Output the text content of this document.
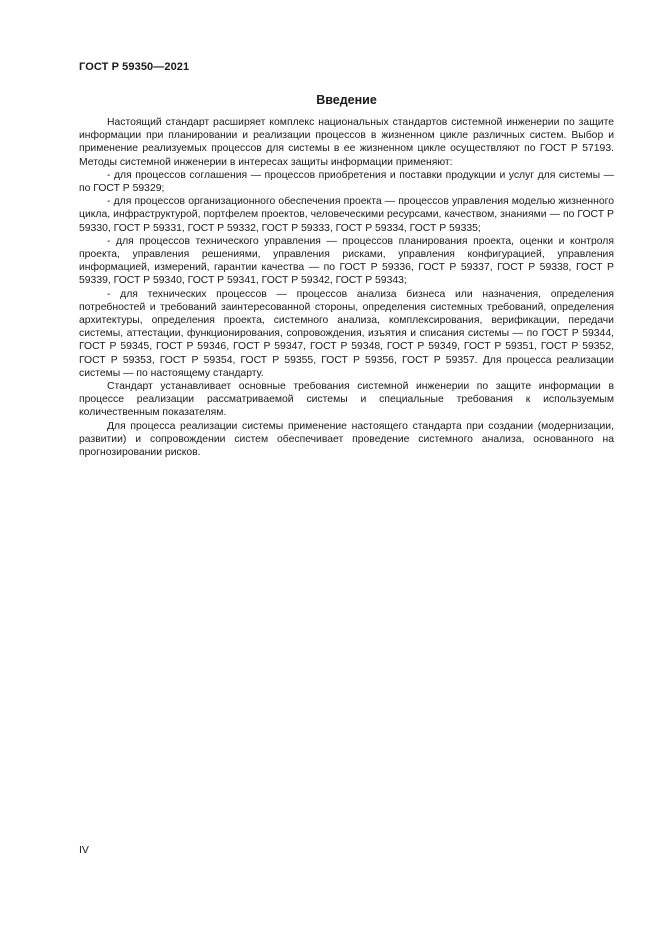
ГОСТ Р 59350—2021
Введение

Настоящий стандарт расширяет комплекс национальных стандартов системной инженерии по защите информации при планировании и реализации процессов в жизненном цикле различных систем. Выбор и применение реализуемых процессов для системы в ее жизненном цикле осуществляют по ГОСТ Р 57193. Методы системной инженерии в интересах защиты информации применяют:

- для процессов соглашения — процессов приобретения и поставки продукции и услуг для системы — по ГОСТ Р 59329;

- для процессов организационного обеспечения проекта — процессов управления моделью жизненного цикла, инфраструктурой, портфелем проектов, человеческими ресурсами, качеством, знаниями — по ГОСТ Р 59330, ГОСТ Р 59331, ГОСТ Р 59332, ГОСТ Р 59333, ГОСТ Р 59334, ГОСТ Р 59335;

- для процессов технического управления — процессов планирования проекта, оценки и контроля проекта, управления решениями, управления рисками, управления конфигурацией, управления информацией, измерений, гарантии качества — по ГОСТ Р 59336, ГОСТ Р 59337, ГОСТ Р 59338, ГОСТ Р 59339, ГОСТ Р 59340, ГОСТ Р 59341, ГОСТ Р 59342, ГОСТ Р 59343;

- для технических процессов — процессов анализа бизнеса или назначения, определения потребностей и требований заинтересованной стороны, определения системных требований, определения архитектуры, определения проекта, системного анализа, комплексирования, верификации, передачи системы, аттестации, функционирования, сопровождения, изъятия и списания системы — по ГОСТ Р 59344, ГОСТ Р 59345, ГОСТ Р 59346, ГОСТ Р 59347, ГОСТ Р 59348, ГОСТ Р 59349, ГОСТ Р 59351, ГОСТ Р 59352, ГОСТ Р 59353, ГОСТ Р 59354, ГОСТ Р 59355, ГОСТ Р 59356, ГОСТ Р 59357. Для процесса реализации системы — по настоящему стандарту.

Стандарт устанавливает основные требования системной инженерии по защите информации в процессе реализации рассматриваемой системы и специальные требования к используемым количественным показателям.

Для процесса реализации системы применение настоящего стандарта при создании (модернизации, развитии) и сопровождении систем обеспечивает проведение системного анализа, основанного на прогнозировании рисков.

IV
